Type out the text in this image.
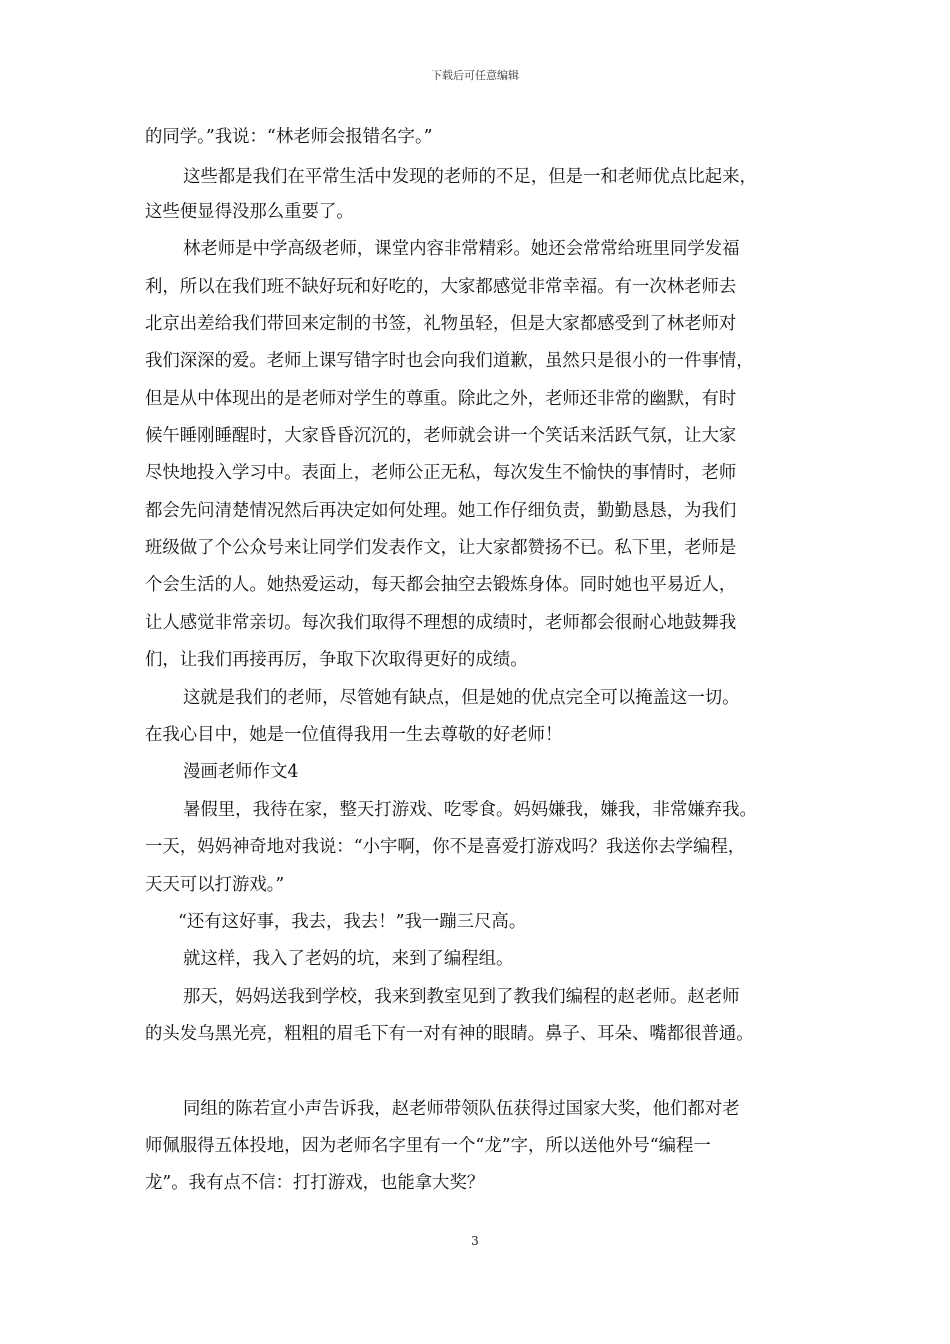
下载后可任意编辑
的同学。”我说：“林老师会报错名字。”
这些都是我们在平常生活中发现的老师的不足，但是一和老师优点比起来，
这些便显得没那么重要了。
林老师是中学高级老师，课堂内容非常精彩。她还会常常给班里同学发福
利，所以在我们班不缺好玩和好吃的，大家都感觉非常幸福。有一次林老师去
北京出差给我们带回来定制的书签，礼物虽轻，但是大家都感受到了林老师对
我们深深的爱。老师上课写错字时也会向我们道歉，虽然只是很小的一件事情，
但是从中体现出的是老师对学生的尊重。除此之外，老师还非常的幽默，有时
候午睡刚睡醒时，大家昏昏沉沉的，老师就会讲一个笑话来活跃气氛，让大家
尽快地投入学习中。表面上，老师公正无私，每次发生不愉快的事情时，老师
都会先问清楚情况然后再决定如何处理。她工作仔细负责，勤勤恳恳，为我们
班级做了个公众号来让同学们发表作文，让大家都赞扬不已。私下里，老师是
个会生活的人。她热爱运动，每天都会抽空去锻炼身体。同时她也平易近人，
让人感觉非常亲切。每次我们取得不理想的成绩时，老师都会很耐心地鼓舞我
们，让我们再接再厉，争取下次取得更好的成绩。
这就是我们的老师，尽管她有缺点，但是她的优点完全可以掩盖这一切。
在我心目中，她是一位值得我用一生去尊敬的好老师！
漫画老师作文4
暑假里，我待在家，整天打游戏、吃零食。妈妈嫌我，嫌我，非常嫌弃我。
一天，妈妈神奇地对我说：“小宇啊，你不是喜爱打游戏吗？我送你去学编程，
天天可以打游戏。”
“还有这好事，我去，我去！”我一蹦三尺高。
就这样，我入了老妈的坑，来到了编程组。
那天，妈妈送我到学校，我来到教室见到了教我们编程的赵老师。赵老师
的头发乌黑光亮，粗粗的眉毛下有一对有神的眼睛。鼻子、耳朵、嘴都很普通。
同组的陈若宣小声告诉我，赵老师带领队伍获得过国家大奖，他们都对老
师佩服得五体投地，因为老师名字里有一个“龙”字，所以送他外号“编程一
龙”。我有点不信：打打游戏，也能拿大奖？
3
